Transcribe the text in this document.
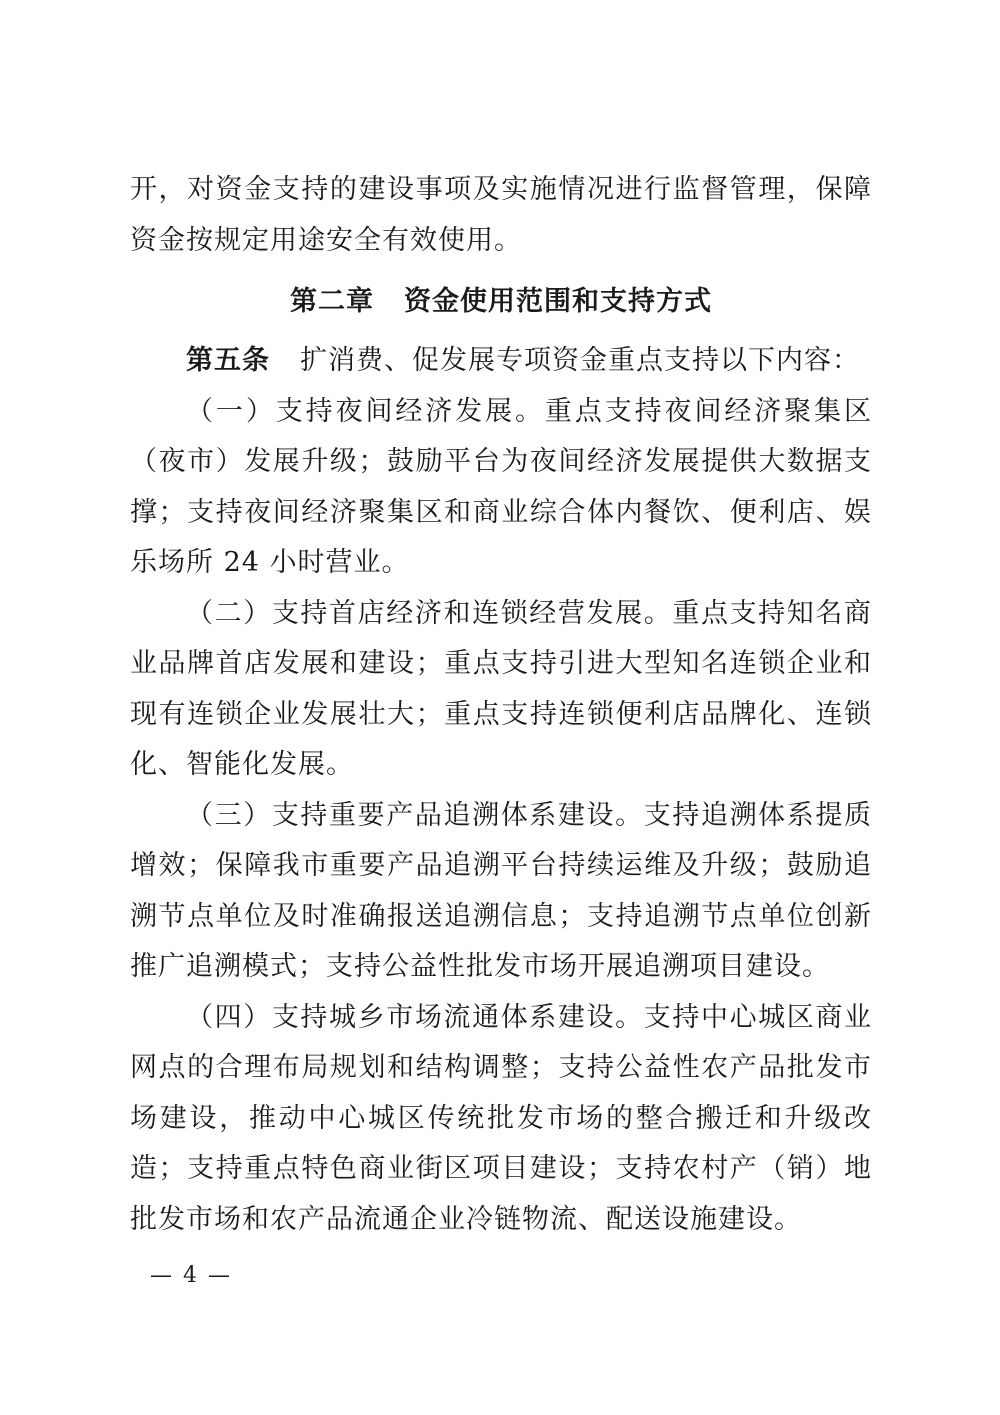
开，对资金支持的建设事项及实施情况进行监督管理，保障
资金按规定用途安全有效使用。
第二章 资金使用范围和支持方式
第五条 扩消费、促发展专项资金重点支持以下内容：
（一）支持夜间经济发展。重点支持夜间经济聚集区
（夜市）发展升级；鼓励平台为夜间经济发展提供大数据支
撑；支持夜间经济聚集区和商业综合体内餐饮、便利店、娱
乐场所 24 小时营业。
（二）支持首店经济和连锁经营发展。重点支持知名商
业品牌首店发展和建设；重点支持引进大型知名连锁企业和
现有连锁企业发展壮大；重点支持连锁便利店品牌化、连锁
化、智能化发展。
（三）支持重要产品追溯体系建设。支持追溯体系提质
增效；保障我市重要产品追溯平台持续运维及升级；鼓励追
溯节点单位及时准确报送追溯信息；支持追溯节点单位创新
推广追溯模式；支持公益性批发市场开展追溯项目建设。
（四）支持城乡市场流通体系建设。支持中心城区商业
网点的合理布局规划和结构调整；支持公益性农产品批发市
场建设，推动中心城区传统批发市场的整合搬迁和升级改
造；支持重点特色商业街区项目建设；支持农村产（销）地
批发市场和农产品流通企业冷链物流、配送设施建设。
— 4 —
